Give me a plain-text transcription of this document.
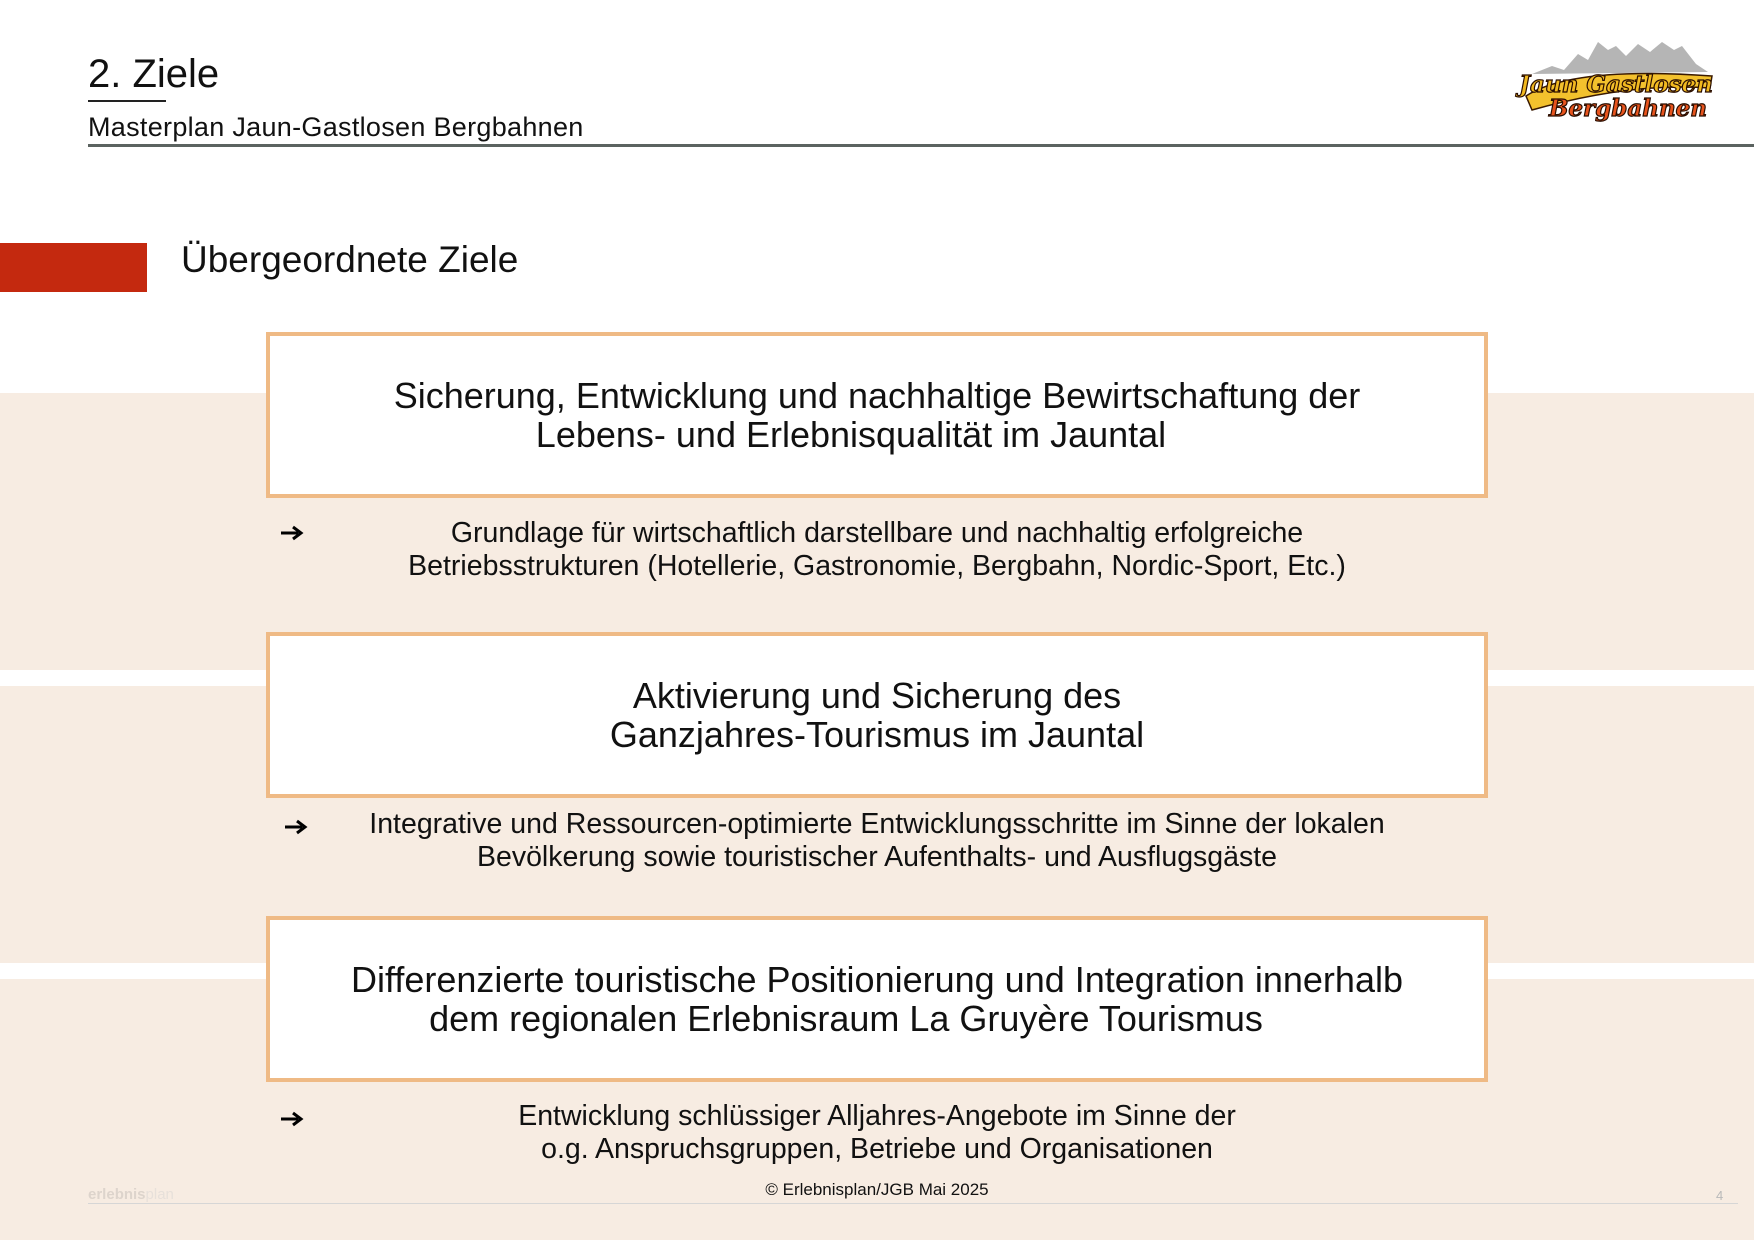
2. Ziele
Masterplan Jaun-Gastlosen Bergbahnen
Jaun Gastlosen
Bergbahnen
Übergeordnete Ziele
Sicherung, Entwicklung und nachhaltige Bewirtschaftung der
Lebens- und Erlebnisqualität im Jauntal
Grundlage für wirtschaftlich darstellbare und nachhaltig erfolgreiche
Betriebsstrukturen (Hotellerie, Gastronomie, Bergbahn, Nordic-Sport, Etc.)
Aktivierung und Sicherung des
Ganzjahres-Tourismus im Jauntal
Integrative und Ressourcen-optimierte Entwicklungsschritte im Sinne der lokalen
Bevölkerung sowie touristischer Aufenthalts- und Ausflugsgäste
Differenzierte touristische Positionierung und Integration innerhalb
dem regionalen Erlebnisraum La Gruyère Tourismus
Entwicklung schlüssiger Alljahres-Angebote im Sinne der
o.g. Anspruchsgruppen, Betriebe und Organisationen
erlebnisplan	© Erlebnisplan/JGB Mai 2025	4
